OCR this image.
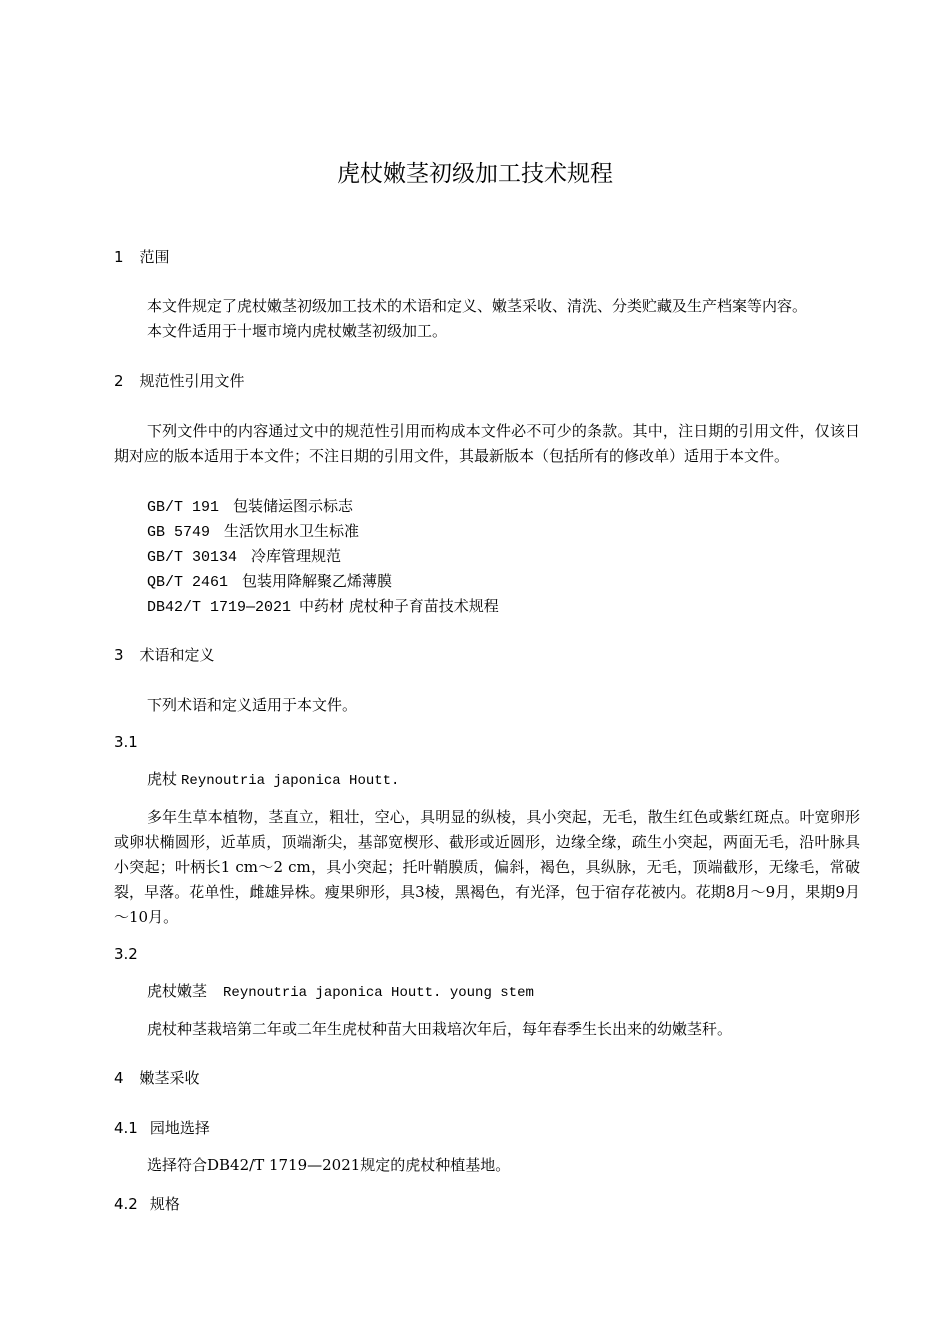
虎杖嫩茎初级加工技术规程
1 范围
本文件规定了虎杖嫩茎初级加工技术的术语和定义、嫩茎采收、清洗、分类贮藏及生产档案等内容。
本文件适用于十堰市境内虎杖嫩茎初级加工。
2 规范性引用文件
下列文件中的内容通过文中的规范性引用而构成本文件必不可少的条款。其中，注日期的引用文件，仅该日期对应的版本适用于本文件；不注日期的引用文件，其最新版本（包括所有的修改单）适用于本文件。
GB/T 191 包装储运图示标志
GB 5749 生活饮用水卫生标准
GB/T 30134 冷库管理规范
QB/T 2461 包装用降解聚乙烯薄膜
DB42/T 1719—2021 中药材 虎杖种子育苗技术规程
3 术语和定义
下列术语和定义适用于本文件。
3.1
虎杖 Reynoutria japonica Houtt.
多年生草本植物，茎直立，粗壮，空心，具明显的纵棱，具小突起，无毛，散生红色或紫红斑点。叶宽卵形或卵状椭圆形，近革质，顶端渐尖，基部宽楔形、截形或近圆形，边缘全缘，疏生小突起，两面无毛，沿叶脉具小突起；叶柄长1 cm～2 cm，具小突起；托叶鞘膜质，偏斜，褐色，具纵脉，无毛，顶端截形，无缘毛，常破裂，早落。花单性，雌雄异株。瘦果卵形，具3棱，黑褐色，有光泽，包于宿存花被内。花期8月～9月，果期9月～10月。
3.2
虎杖嫩茎 Reynoutria japonica Houtt. young stem
虎杖种茎栽培第二年或二年生虎杖种苗大田栽培次年后，每年春季生长出来的幼嫩茎秆。
4 嫩茎采收
4.1 园地选择
选择符合DB42/T 1719—2021规定的虎杖种植基地。
4.2 规格
